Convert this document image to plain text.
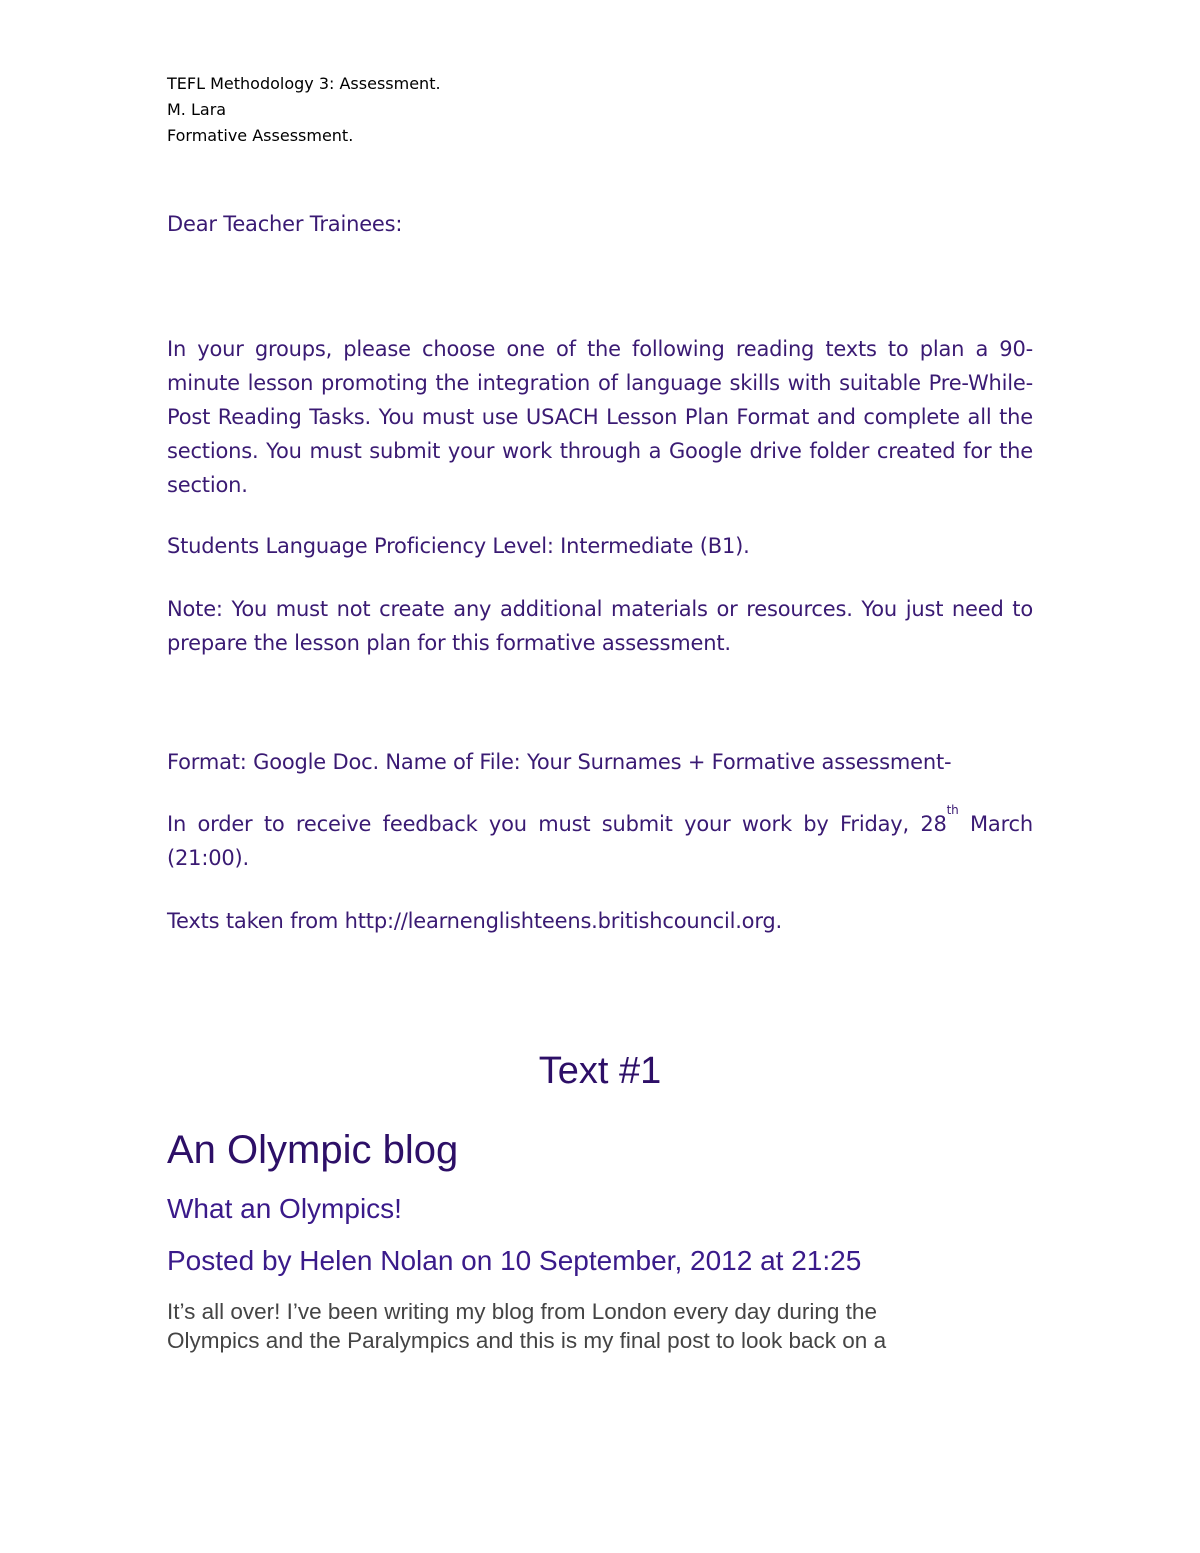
TEFL Methodology 3: Assessment.
M. Lara
Formative Assessment.
Dear Teacher Trainees:
In your groups, please choose one of the following reading texts to plan a 90-minute lesson promoting the integration of language skills with suitable Pre-While-Post Reading Tasks. You must use USACH Lesson Plan Format and complete all the sections. You must submit your work through a Google drive folder created for the section.
Students Language Proficiency Level: Intermediate (B1).
Note: You must not create any additional materials or resources. You just need to prepare the lesson plan for this formative assessment.
Format: Google Doc. Name of File: Your Surnames + Formative assessment-
In order to receive feedback you must submit your work by Friday, 28th March (21:00).
Texts taken from http://learnenglishteens.britishcouncil.org.
Text #1
An Olympic blog
What an Olympics!
Posted by Helen Nolan on 10 September, 2012 at 21:25
It’s all over! I’ve been writing my blog from London every day during the
Olympics and the Paralympics and this is my final post to look back on a
